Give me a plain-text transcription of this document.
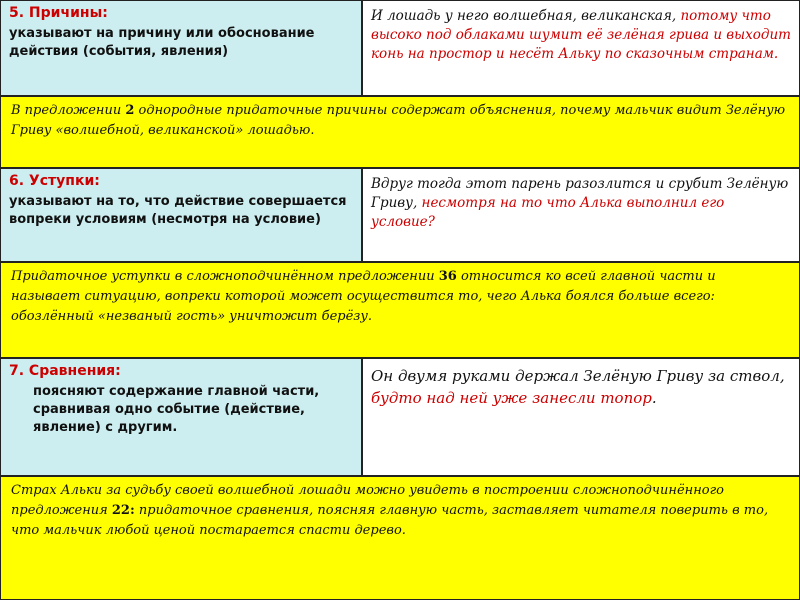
5. Причины:
указывают на причину или обоснование действия (события, явления)
И лошадь у него волшебная, великанская, потому что высоко под облаками шумит её зелёная грива и выходит конь на простор и несёт Альку по сказочным странам.
В предложении 2 однородные придаточные причины содержат объяснения, почему мальчик видит Зелёную Гриву «волшебной, великанской» лошадью.
6. Уступки:
указывают на то, что действие совершается вопреки условиям (несмотря на условие)
Вдруг тогда этот парень разозлится и срубит Зелёную Гриву, несмотря на то что Алька выполнил его условие?
Придаточное уступки в сложноподчинённом предложении 36 относится ко всей главной части и называет ситуацию, вопреки которой может осуществится то, чего Алька боялся больше всего: обозлённый «незваный гость» уничтожит берёзу.
7. Сравнения:
поясняют содержание главной части, сравнивая одно событие (действие, явление) с другим.
Он двумя руками держал Зелёную Гриву за ствол, будто над ней уже занесли топор.
Страх Альки за судьбу своей волшебной лошади можно увидеть в построении сложноподчинённого предложения 22: придаточное сравнения, поясняя главную часть, заставляет читателя поверить в то, что мальчик любой ценой постарается спасти дерево.
